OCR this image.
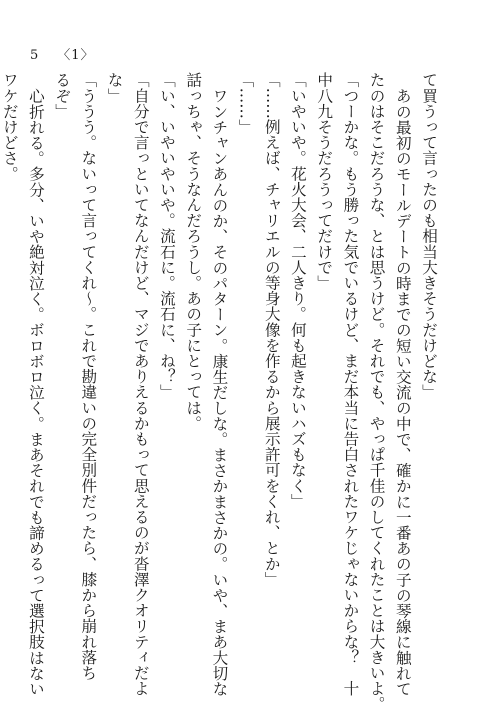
5 〈1〉
て買うって言ったのも相当大きそうだけどな」
あの最初のモールデートの時までの短い交流の中で、確かに一番あの子の琴線に触れて
たのはそこだろうな、とは思うけど。それでも、やっぱ千佳のしてくれたことは大きいよ。
「つーかな。もう勝った気でいるけど、まだ本当に告白されたワケじゃないからな？　十
中八九そうだろうってだけで」
「いやいや。花火大会、二人きり。何も起きないハズもなく」
「……例えば、チャリエルの等身大像を作るから展示許可をくれ、とか」
「……」
ワンチャンあんのか、そのパターン。康生だしな。まさかまさかの。いや、まあ大切な
話っちゃ、そうなんだろうし。あの子にとっては。
「い、いやいやいや。流石に。流石に、ね？」
「自分で言っといてなんだけど、マジでありえるかもって思えるのが沓澤クオリティだよ
な」
「ううう。ないって言ってくれ～。これで勘違いの完全別件だったら、膝から崩れ落ち
るぞ」
心折れる。多分、いや絶対泣く。ボロボロ泣く。まあそれでも諦めるって選択肢はない
ワケだけどさ。
